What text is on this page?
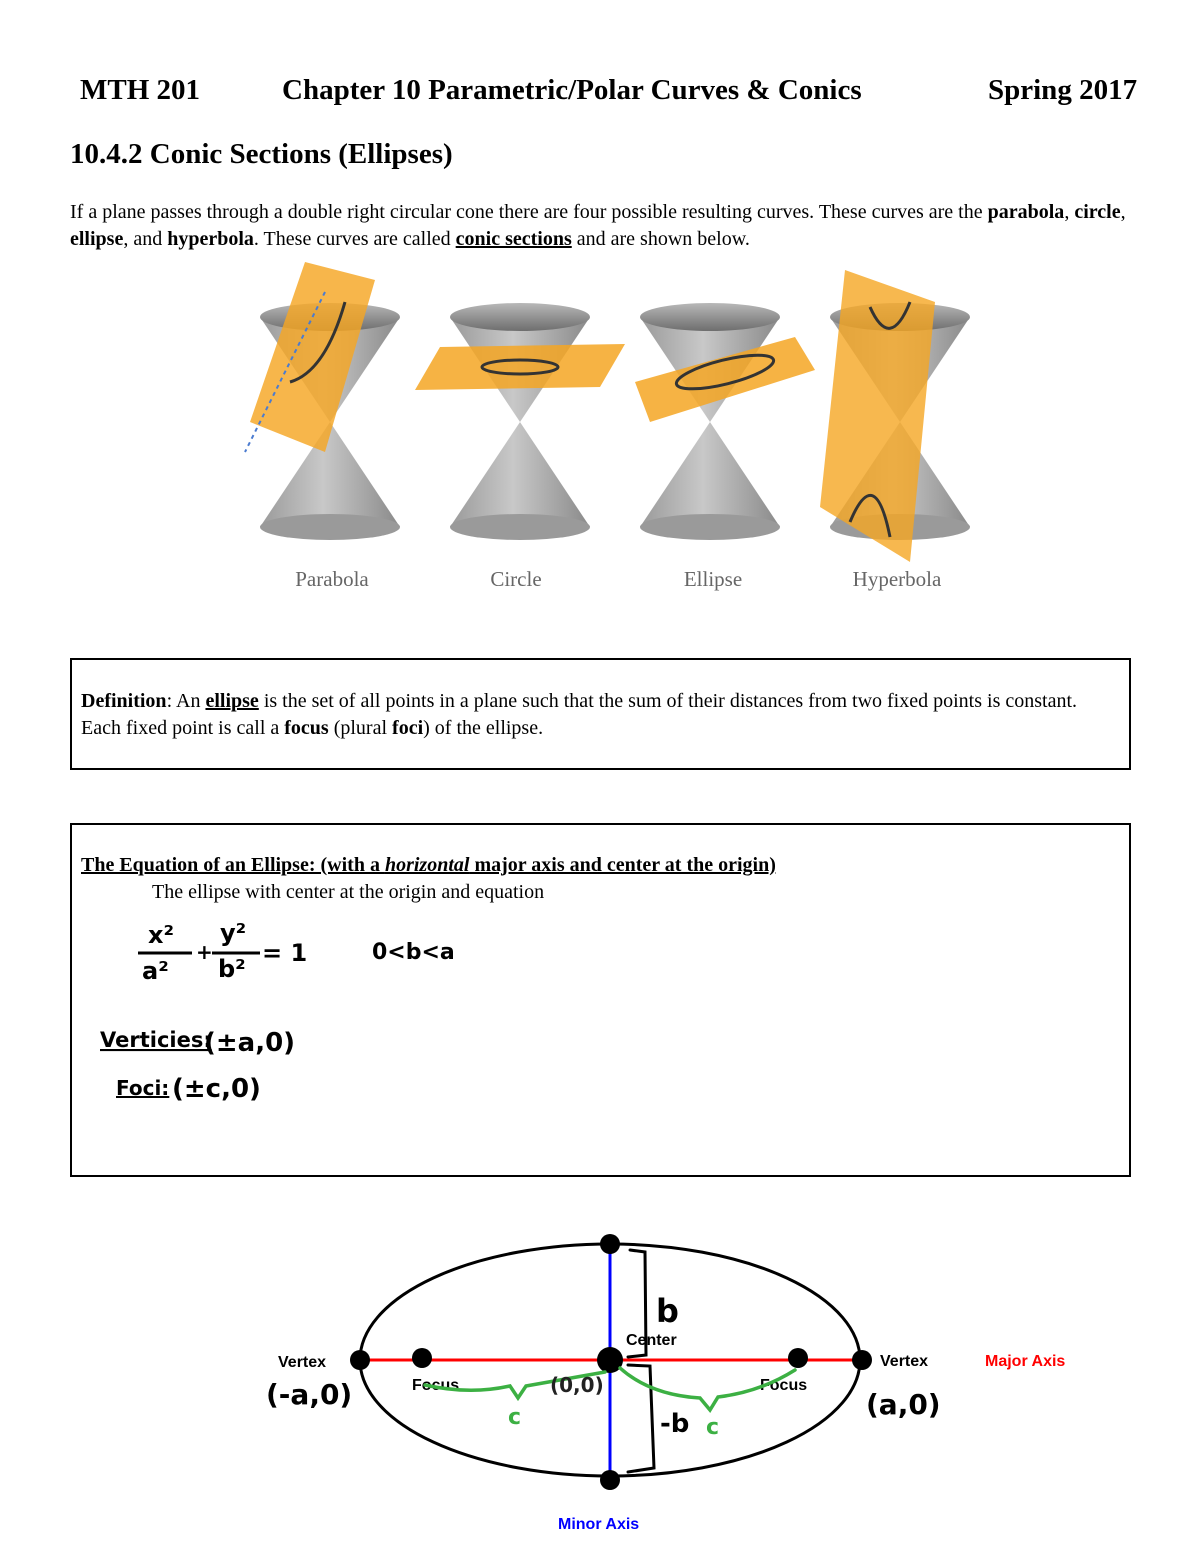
MTH 201	Chapter 10 Parametric/Polar Curves & Conics	Spring 2017
10.4.2 Conic Sections (Ellipses)
If a plane passes through a double right circular cone there are four possible resulting curves. These curves are the parabola, circle, ellipse, and hyperbola. These curves are called conic sections and are shown below.
Parabola	Circle	Ellipse	Hyperbola
Definition: An ellipse is the set of all points in a plane such that the sum of their distances from two fixed points is constant. Each fixed point is call a focus (plural foci) of the ellipse.
The Equation of an Ellipse: (with a horizontal major axis and center at the origin)
The ellipse with center at the origin and equation
x²
a²
+
y²
b²
= 1	0<b<a
Verticies:
(±a,0)
Foci: (±c,0)
Vertex	Vertex
Focus	Focus
Center
Major Axis
Minor Axis
(-a,0)	(a,0)
(0,0)
b
-b
c	c
